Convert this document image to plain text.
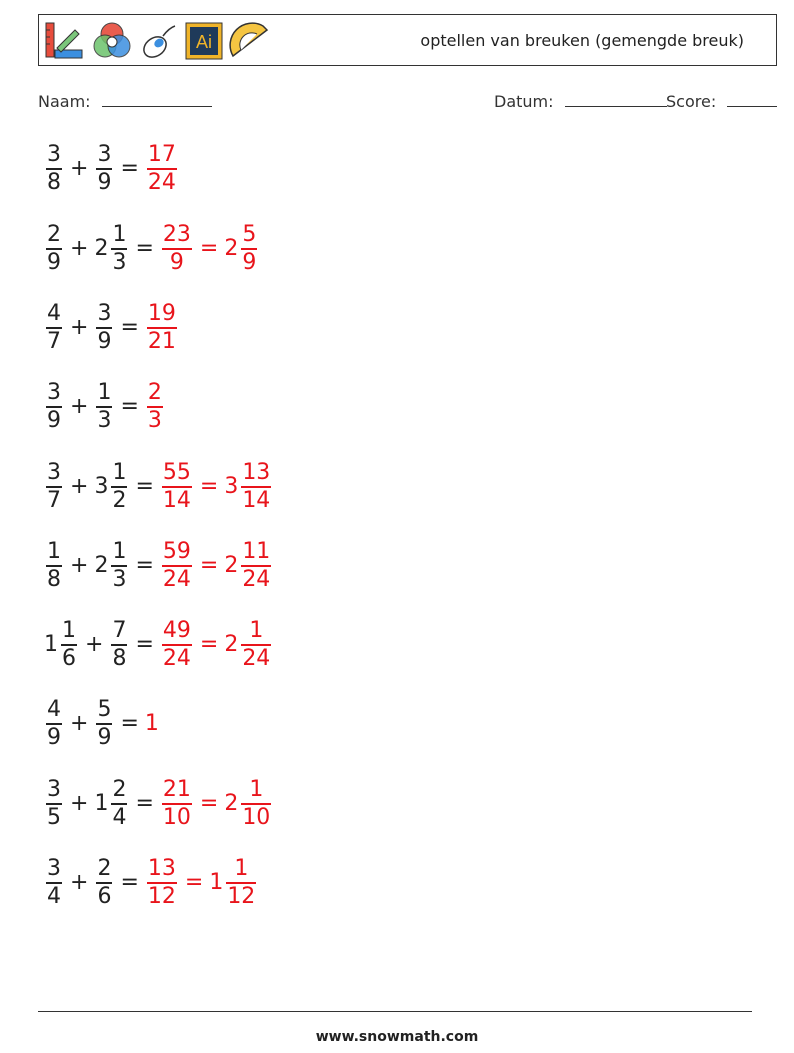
Ai	optellen van breuken (gemengde breuk)
Naam:	Datum:	Score:
$\frac{3}{8} + \frac{3}{9} = \frac{17}{24}$
$\frac{2}{9} + 2 \frac{1}{3} = \frac{23}{9} = 2 \frac{5}{9}$
$\frac{4}{7} + \frac{3}{9} = \frac{19}{21}$
$\frac{3}{9} + \frac{1}{3} = \frac{2}{3}$
$\frac{3}{7} + 3 \frac{1}{2} = \frac{55}{14} = 3 \frac{13}{14}$
$\frac{1}{8} + 2 \frac{1}{3} = \frac{59}{24} = 2 \frac{11}{24}$
$1 \frac{1}{6} + \frac{7}{8} = \frac{49}{24} = 2 \frac{1}{24}$
$\frac{4}{9} + \frac{5}{9} = 1$
$\frac{3}{5} + 1 \frac{2}{4} = \frac{21}{10} = 2 \frac{1}{10}$
$\frac{3}{4} + \frac{2}{6} = \frac{13}{12} = 1 \frac{1}{12}$
www.snowmath.com
